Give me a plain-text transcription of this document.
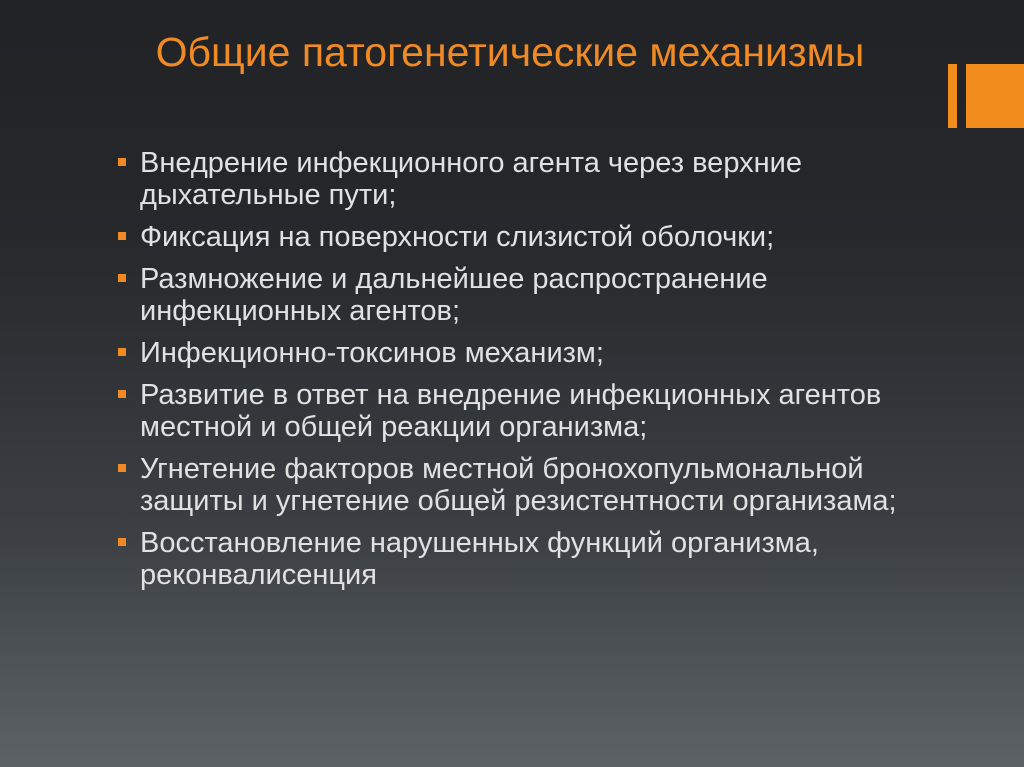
Общие патогенетические механизмы
Внедрение инфекционного агента через верхние дыхательные пути;
Фиксация на поверхности слизистой оболочки;
Размножение и дальнейшее распространение инфекционных агентов;
Инфекционно-токсинов механизм;
Развитие в ответ на внедрение инфекционных агентов местной и общей реакции организма;
Угнетение факторов местной бронохопульмональной защиты и угнетение общей резистентности организама;
Восстановление нарушенных функций организма, реконвалисенция
